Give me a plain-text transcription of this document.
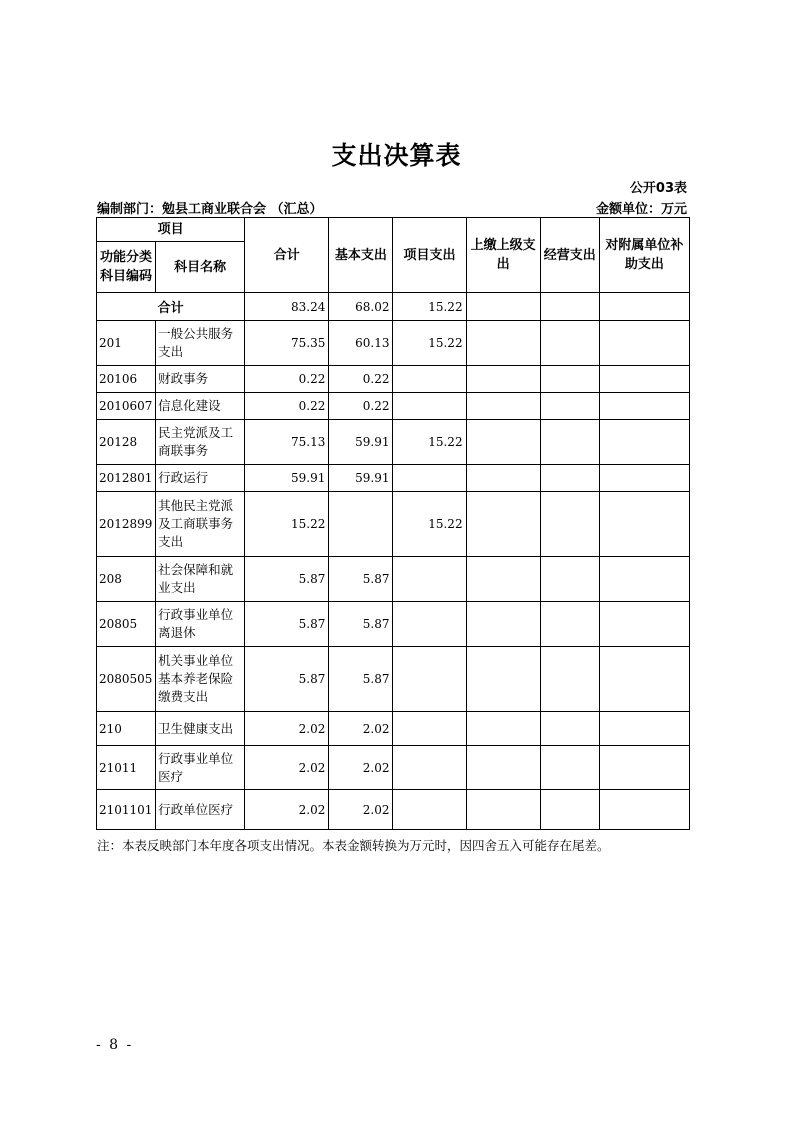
支出决算表
公开03表
编制部门：勉县工商业联合会 （汇总）	金额单位：万元
项目		合计	基本支出	项目支出	上缴上级支出	经营支出	对附属单位补助支出
功能分类科目编码	科目名称						
合计		83.24	68.02	15.22			
201	一般公共服务支出	75.35	60.13	15.22			
20106	财政事务	0.22	0.22				
2010607	信息化建设	0.22	0.22				
20128	民主党派及工商联事务	75.13	59.91	15.22			
2012801	行政运行	59.91	59.91				
2012899	其他民主党派及工商联事务支出	15.22		15.22			
208	社会保障和就业支出	5.87	5.87				
20805	行政事业单位离退休	5.87	5.87				
2080505	机关事业单位基本养老保险缴费支出	5.87	5.87				
210	卫生健康支出	2.02	2.02				
21011	行政事业单位医疗	2.02	2.02				
2101101	行政单位医疗	2.02	2.02				
注：本表反映部门本年度各项支出情况。本表金额转换为万元时，因四舍五入可能存在尾差。
- 8 -
